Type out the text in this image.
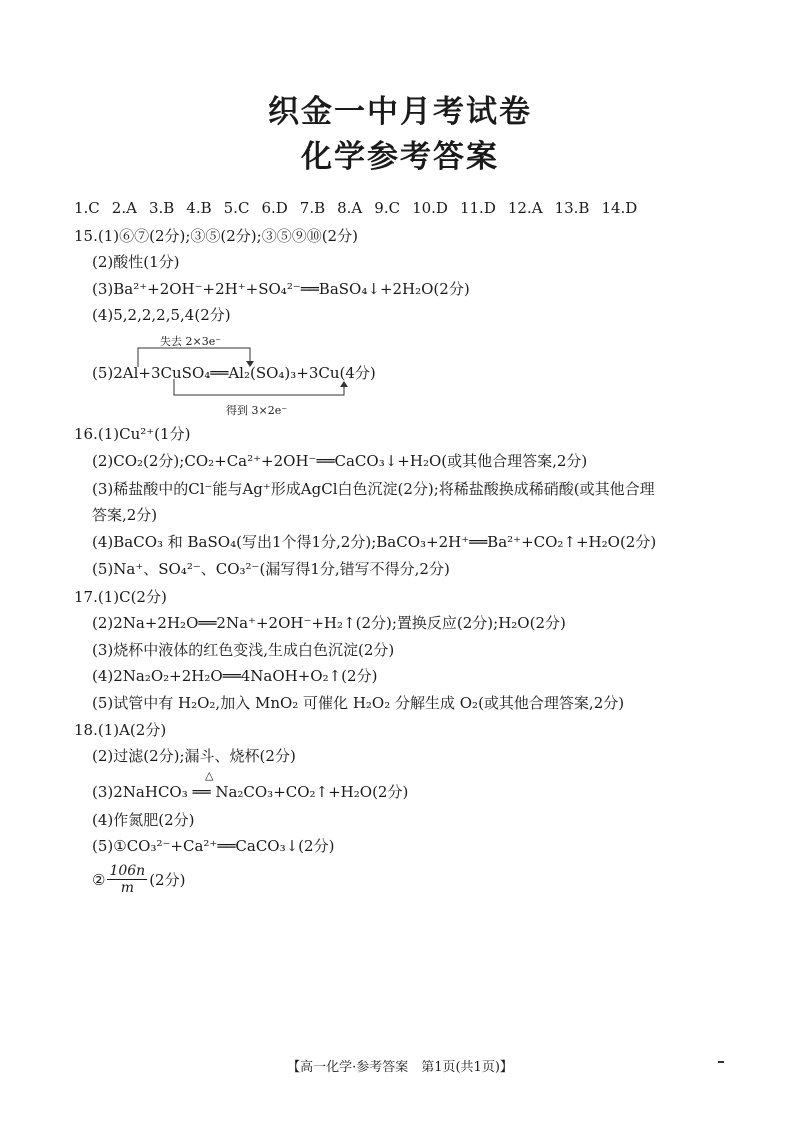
织金一中月考试卷
化学参考答案
1.C 2.A 3.B 4.B 5.C 6.D 7.B 8.A 9.C 10.D 11.D 12.A 13.B 14.D
15.(1)⑥⑦(2分);③⑤(2分);③⑤⑨⑩(2分)
(2)酸性(1分)
(3)Ba²⁺+2OH⁻+2H⁺+SO₄²⁻══BaSO₄↓+2H₂O(2分)
(4)5,2,2,2,5,4(2分)
失去 2×3e⁻
(5)2Al+3CuSO₄══Al₂(SO₄)₃+3Cu(4分)
得到 3×2e⁻
16.(1)Cu²⁺(1分)
(2)CO₂(2分);CO₂+Ca²⁺+2OH⁻══CaCO₃↓+H₂O(或其他合理答案,2分)
(3)稀盐酸中的Cl⁻能与Ag⁺形成AgCl白色沉淀(2分);将稀盐酸换成稀硝酸(或其他合理
答案,2分)
(4)BaCO₃ 和 BaSO₄(写出1个得1分,2分);BaCO₃+2H⁺══Ba²⁺+CO₂↑+H₂O(2分)
(5)Na⁺、SO₄²⁻、CO₃²⁻(漏写得1分,错写不得分,2分)
17.(1)C(2分)
(2)2Na+2H₂O══2Na⁺+2OH⁻+H₂↑(2分);置换反应(2分);H₂O(2分)
(3)烧杯中液体的红色变浅,生成白色沉淀(2分)
(4)2Na₂O₂+2H₂O══4NaOH+O₂↑(2分)
(5)试管中有 H₂O₂,加入 MnO₂ 可催化 H₂O₂ 分解生成 O₂(或其他合理答案,2分)
18.(1)A(2分)
(2)过滤(2分);漏斗、烧杯(2分)
△
(3)2NaHCO₃ ══ Na₂CO₃+CO₂↑+H₂O(2分)
(4)作氮肥(2分)
(5)①CO₃²⁻+Ca²⁺══CaCO₃↓(2分)
② $\frac{106n}{m} (2$分)
【高一化学·参考答案　第1页(共1页)】
